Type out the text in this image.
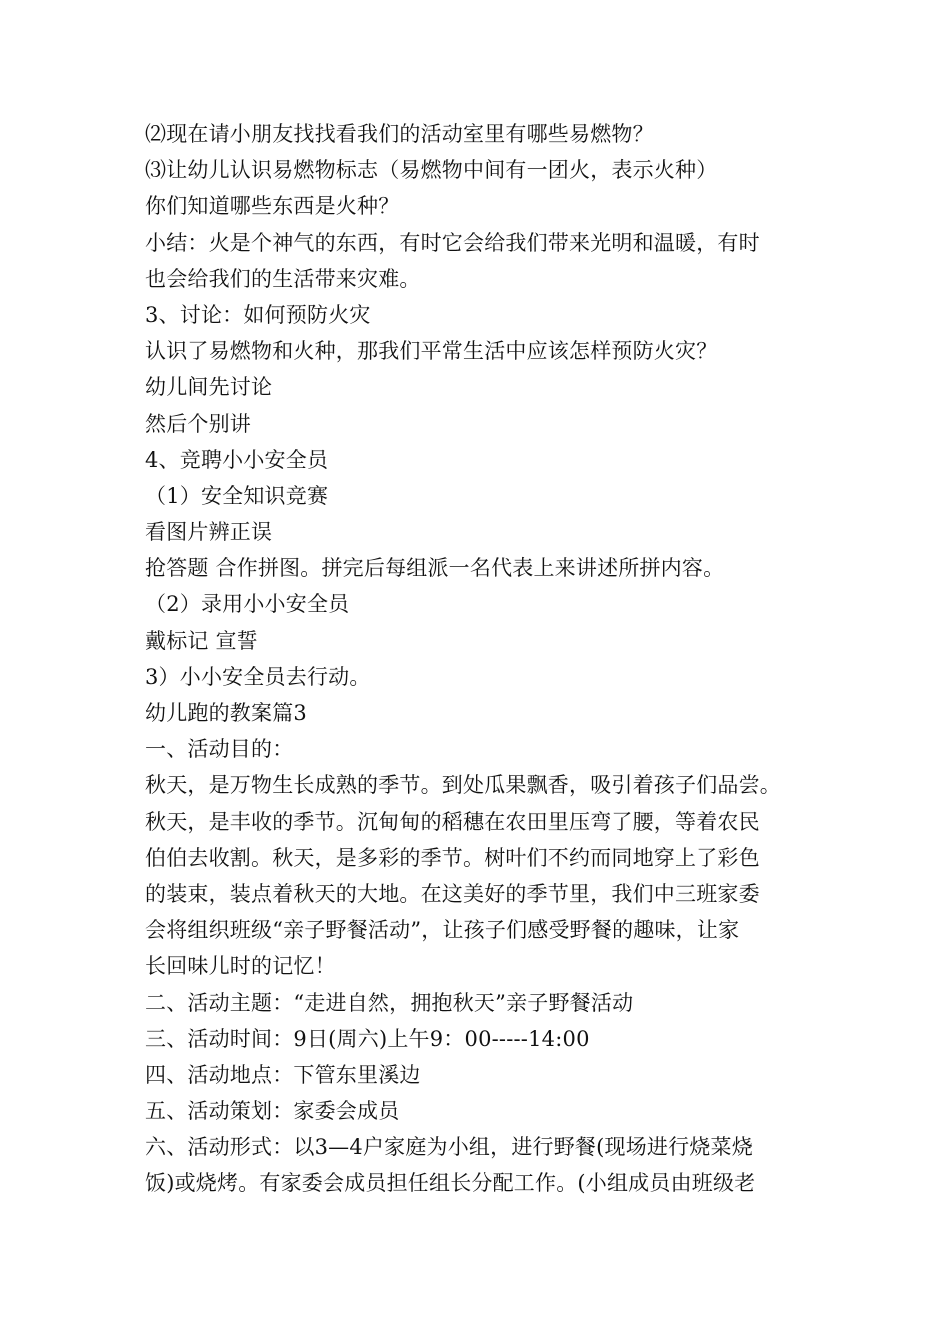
⑵现在请小朋友找找看我们的活动室里有哪些易燃物？
⑶让幼儿认识易燃物标志（易燃物中间有一团火，表示火种）
你们知道哪些东西是火种？
小结：火是个神气的东西，有时它会给我们带来光明和温暖，有时
也会给我们的生活带来灾难。
3、讨论：如何预防火灾
认识了易燃物和火种，那我们平常生活中应该怎样预防火灾？
幼儿间先讨论
然后个别讲
4、竞聘小小安全员
（1）安全知识竞赛
看图片辨正误
抢答题 合作拼图。拼完后每组派一名代表上来讲述所拼内容。
（2）录用小小安全员
戴标记 宣誓
3）小小安全员去行动。
幼儿跑的教案篇3
一、活动目的：
秋天，是万物生长成熟的季节。到处瓜果飘香，吸引着孩子们品尝。
秋天，是丰收的季节。沉甸甸的稻穗在农田里压弯了腰，等着农民
伯伯去收割。秋天，是多彩的季节。树叶们不约而同地穿上了彩色
的装束，装点着秋天的大地。在这美好的季节里，我们中三班家委
会将组织班级“亲子野餐活动”，让孩子们感受野餐的趣味，让家
长回味儿时的记忆！
二、活动主题：“走进自然，拥抱秋天”亲子野餐活动
三、活动时间：9日(周六)上午9：00-----14:00
四、活动地点：下管东里溪边
五、活动策划：家委会成员
六、活动形式：以3—4户家庭为小组，进行野餐(现场进行烧菜烧
饭)或烧烤。有家委会成员担任组长分配工作。(小组成员由班级老
